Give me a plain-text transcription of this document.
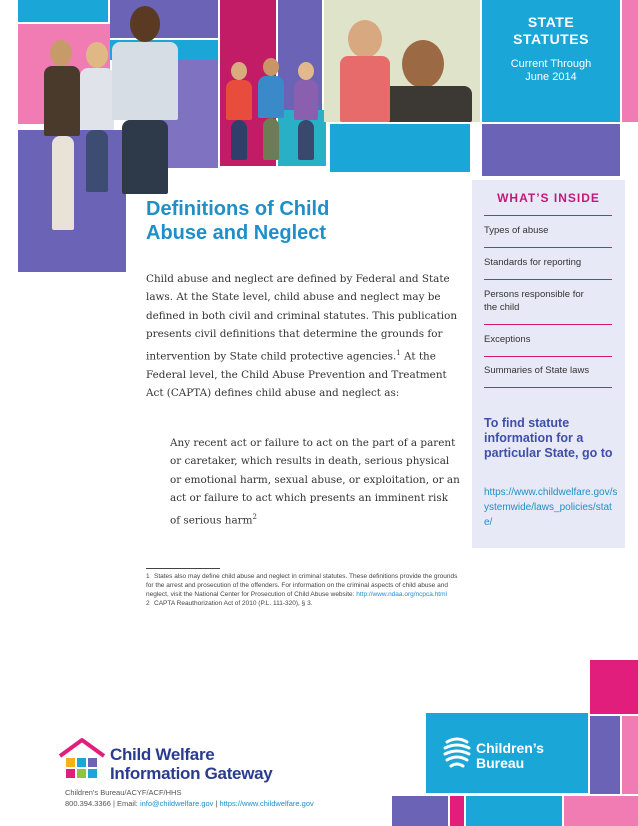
STATE
STATUTES
Current Through
June 2014
WHAT’S INSIDE
Types of abuse
Standards for reporting
Persons responsible for the child
Exceptions
Summaries of State laws
To find statute information for a particular State, go to
https://www.childwelfare.gov/systemwide/laws_policies/state/
Definitions of Child
Abuse and Neglect
Child abuse and neglect are defined by Federal and State laws. At the State level, child abuse and neglect may be defined in both civil and criminal statutes. This publication presents civil definitions that determine the grounds for intervention by State child protective agencies.$^1$ At the Federal level, the Child Abuse Prevention and Treatment Act (CAPTA) defines child abuse and neglect as:
Any recent act or failure to act on the part of a parent or caretaker, which results in death, serious physical or emotional harm, sexual abuse, or exploitation, or an act or failure to act which presents an imminent risk of serious harm$^2$
1 States also may define child abuse and neglect in criminal statutes. These definitions provide the grounds for the arrest and prosecution of the offenders. For information on the criminal aspects of child abuse and neglect, visit the National Center for Prosecution of Child Abuse website: http://www.ndaa.org/ncpca.html
2 CAPTA Reauthorization Act of 2010 (P.L. 111-320), § 3.
Child Welfare
Information Gateway
Children's Bureau/ACYF/ACF/HHS
800.394.3366 | Email: info@childwelfare.gov | https://www.childwelfare.gov
Children’s
Bureau
